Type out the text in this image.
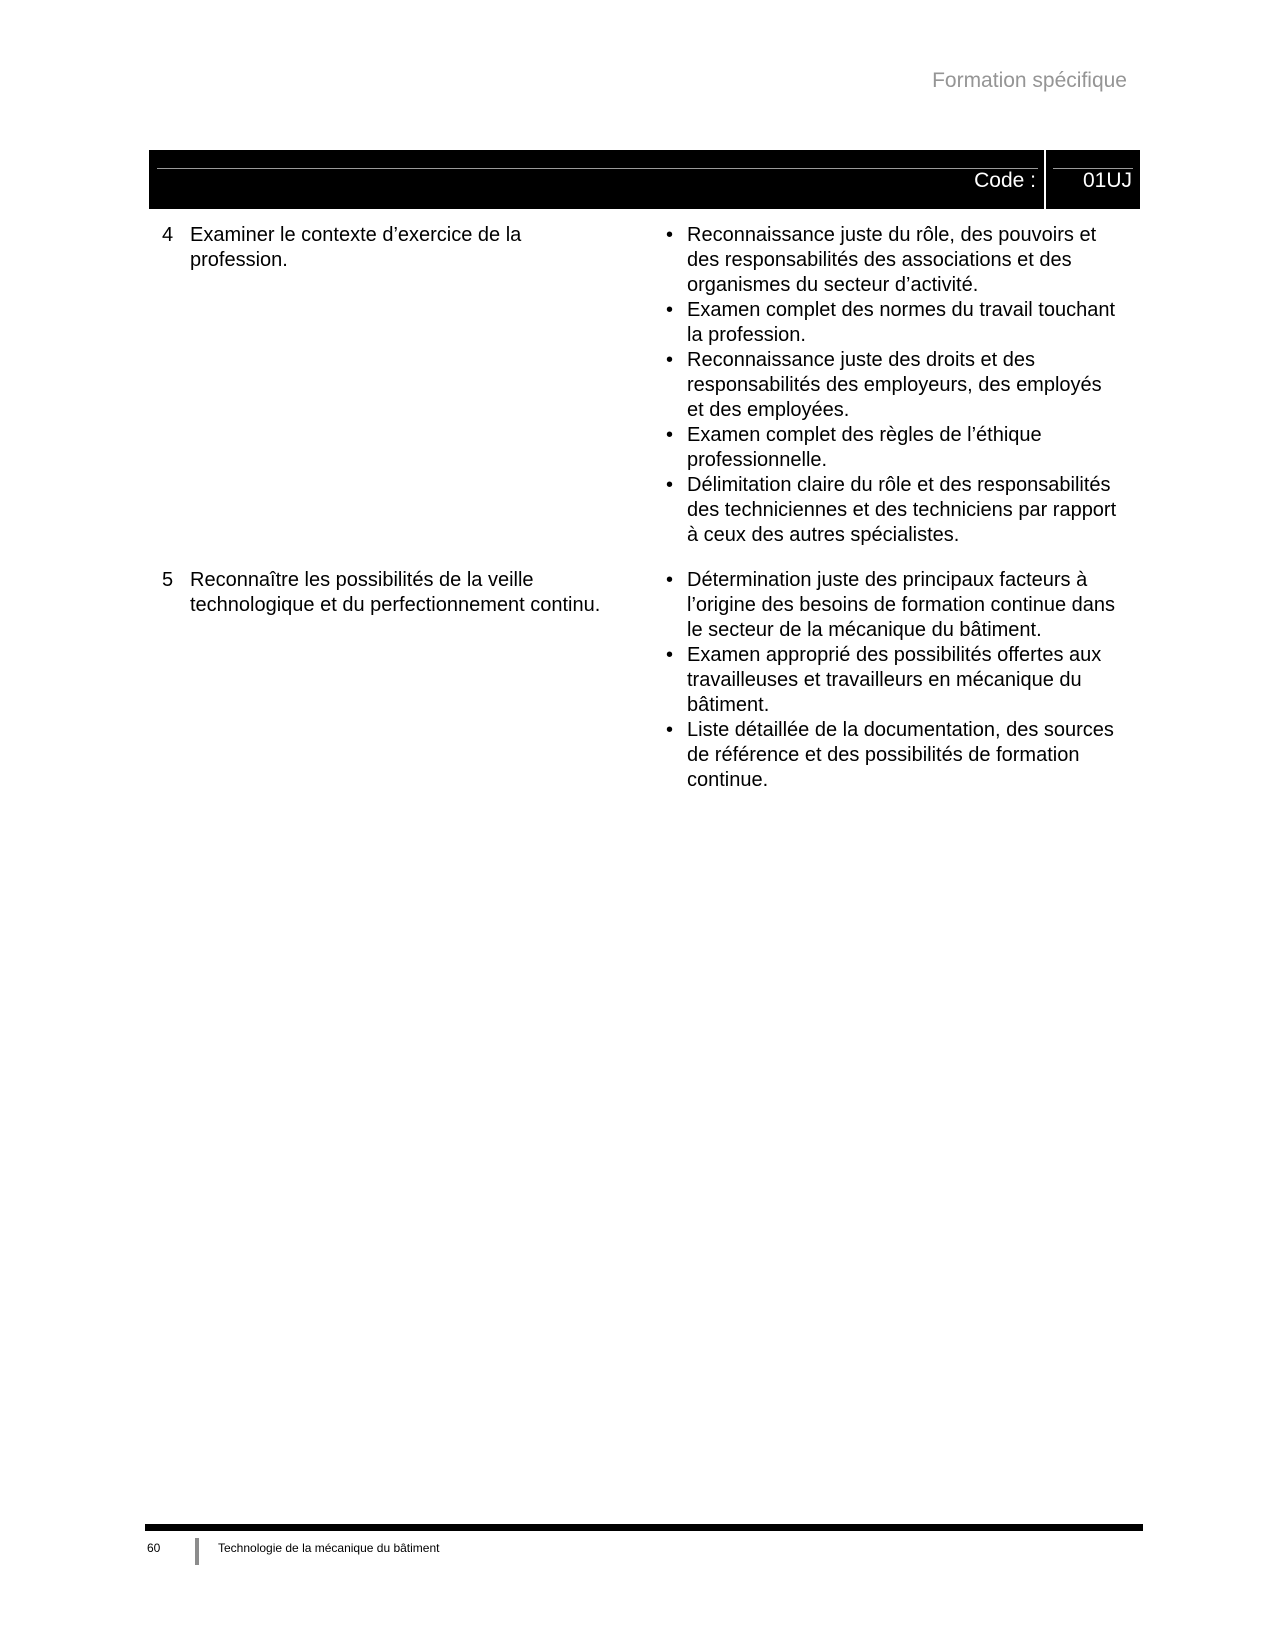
Formation spécifique
Code :	01UJ
4 Examiner le contexte d’exercice de la profession.
• Reconnaissance juste du rôle, des pouvoirs et des responsabilités des associations et des organismes du secteur d’activité.
• Examen complet des normes du travail touchant la profession.
• Reconnaissance juste des droits et des responsabilités des employeurs, des employés et des employées.
• Examen complet des règles de l’éthique professionnelle.
• Délimitation claire du rôle et des responsabilités des techniciennes et des techniciens par rapport à ceux des autres spécialistes.
5 Reconnaître les possibilités de la veille technologique et du perfectionnement continu.
• Détermination juste des principaux facteurs à l’origine des besoins de formation continue dans le secteur de la mécanique du bâtiment.
• Examen approprié des possibilités offertes aux travailleuses et travailleurs en mécanique du bâtiment.
• Liste détaillée de la documentation, des sources de référence et des possibilités de formation continue.
60	Technologie de la mécanique du bâtiment
